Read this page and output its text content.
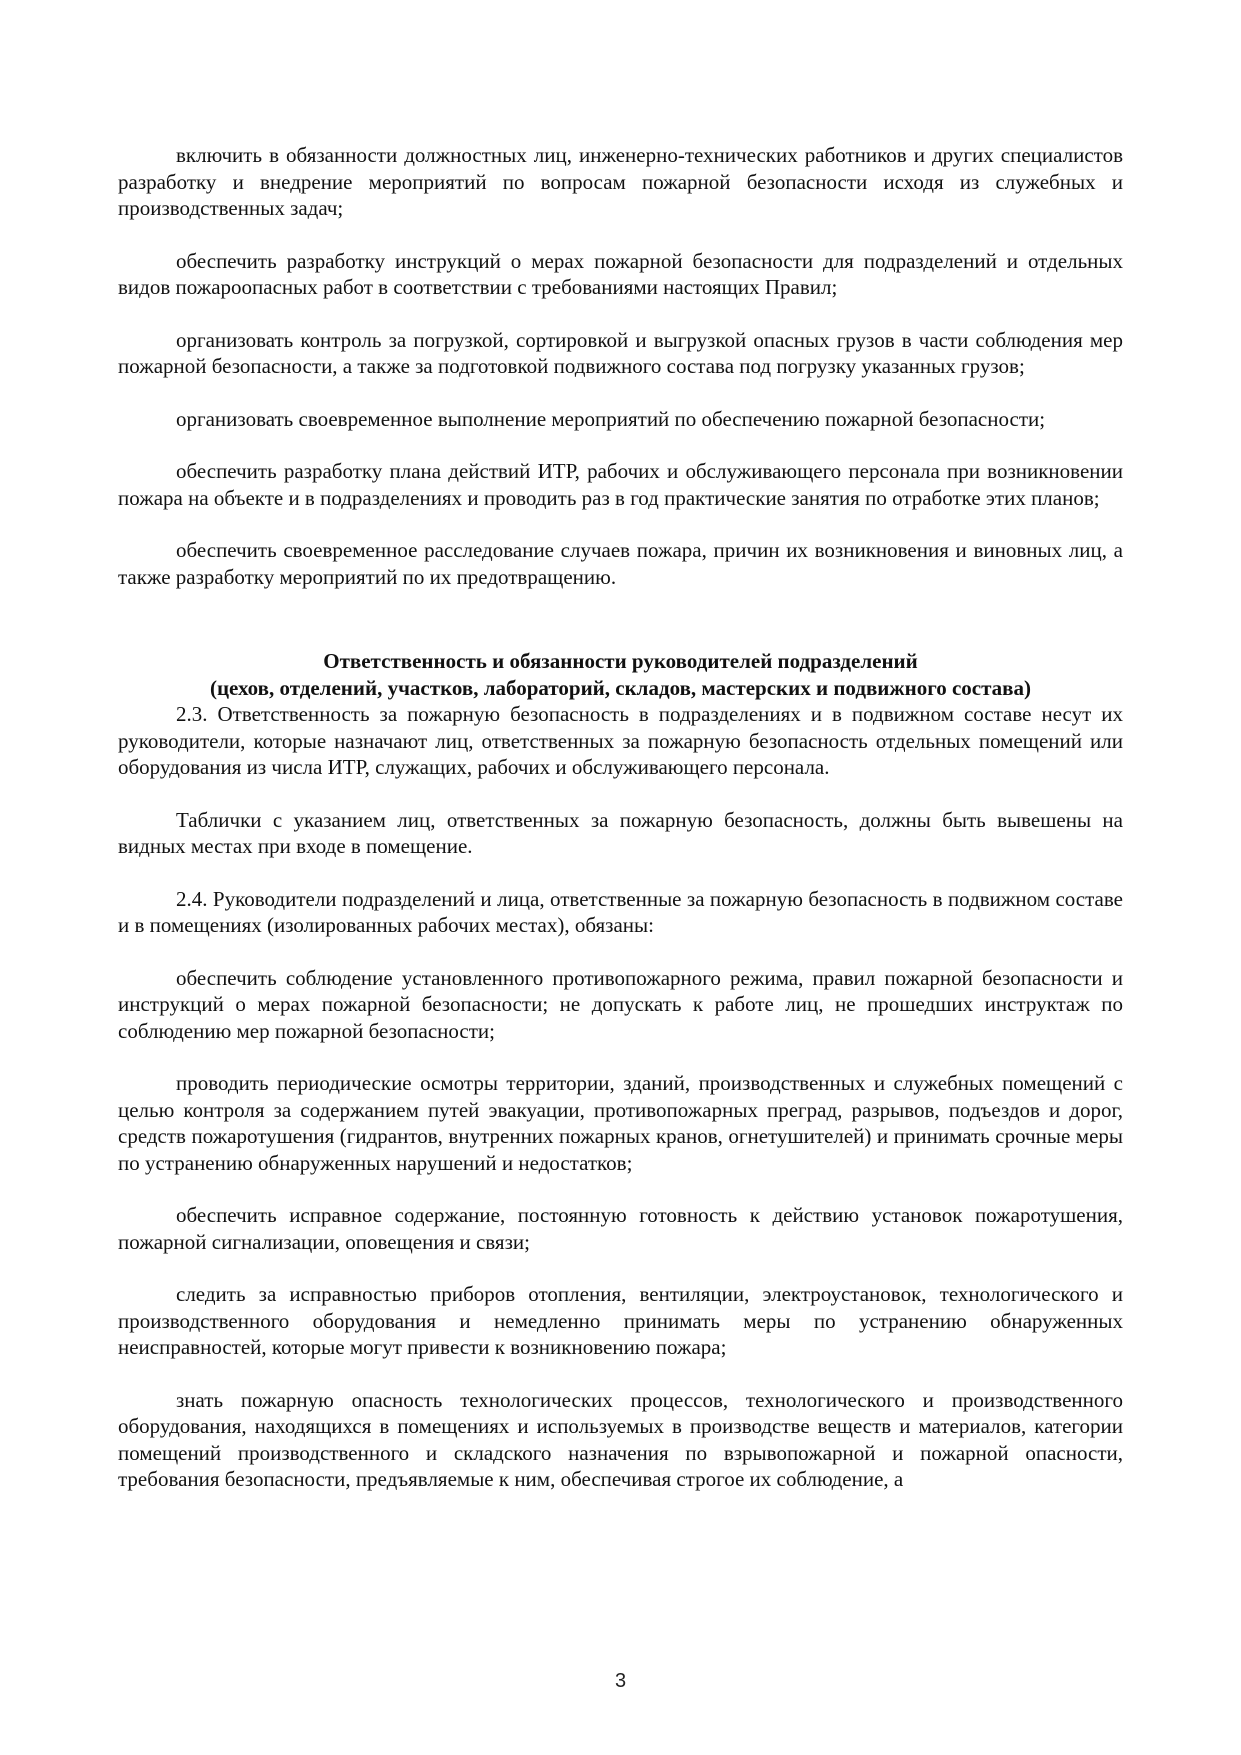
включить в обязанности должностных лиц, инженерно-технических работников и других специалистов разработку и внедрение мероприятий по вопросам пожарной безопасности исходя из служебных и производственных задач;

обеспечить разработку инструкций о мерах пожарной безопасности для подразделений и отдельных видов пожароопасных работ в соответствии с требованиями настоящих Правил;

организовать контроль за погрузкой, сортировкой и выгрузкой опасных грузов в части соблюдения мер пожарной безопасности, а также за подготовкой подвижного состава под погрузку указанных грузов;

организовать своевременное выполнение мероприятий по обеспечению пожарной безопасности;

обеспечить разработку плана действий ИТР, рабочих и обслуживающего персонала при возникновении пожара на объекте и в подразделениях и проводить раз в год практические занятия по отработке этих планов;

обеспечить своевременное расследование случаев пожара, причин их возникновения и виновных лиц, а также разработку мероприятий по их предотвращению.

Ответственность и обязанности руководителей подразделений

(цехов, отделений, участков, лабораторий, складов, мастерских и подвижного состава)

2.3. Ответственность за пожарную безопасность в подразделениях и в подвижном составе несут их руководители, которые назначают лиц, ответственных за пожарную безопасность отдельных помещений или оборудования из числа ИТР, служащих, рабочих и обслуживающего персонала.

Таблички с указанием лиц, ответственных за пожарную безопасность, должны быть вывешены на видных местах при входе в помещение.

2.4. Руководители подразделений и лица, ответственные за пожарную безопасность в подвижном составе и в помещениях (изолированных рабочих местах), обязаны:

обеспечить соблюдение установленного противопожарного режима, правил пожарной безопасности и инструкций о мерах пожарной безопасности; не допускать к работе лиц, не прошедших инструктаж по соблюдению мер пожарной безопасности;

проводить периодические осмотры территории, зданий, производственных и служебных помещений с целью контроля за содержанием путей эвакуации, противопожарных преград, разрывов, подъездов и дорог, средств пожаротушения (гидрантов, внутренних пожарных кранов, огнетушителей) и принимать срочные меры по устранению обнаруженных нарушений и недостатков;

обеспечить исправное содержание, постоянную готовность к действию установок пожаротушения, пожарной сигнализации, оповещения и связи;

следить за исправностью приборов отопления, вентиляции, электроустановок, технологического и производственного оборудования и немедленно принимать меры по устранению обнаруженных неисправностей, которые могут привести к возникновению пожара;

знать пожарную опасность технологических процессов, технологического и производственного оборудования, находящихся в помещениях и используемых в производстве веществ и материалов, категории помещений производственного и складского назначения по взрывопожарной и пожарной опасности, требования безопасности, предъявляемые к ним, обеспечивая строгое их соблюдение, а

3
